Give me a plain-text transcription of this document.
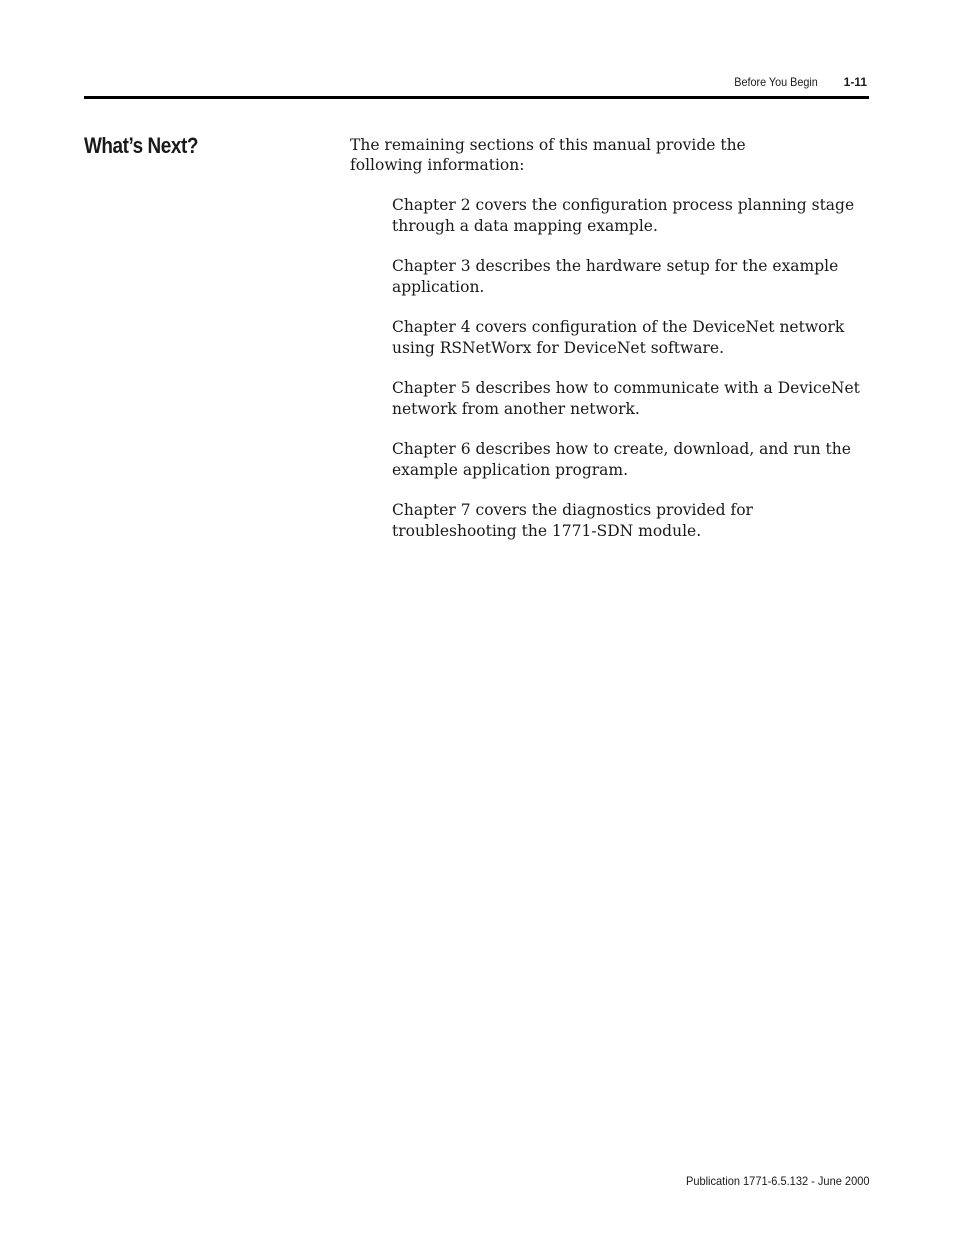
Before You Begin 1-11
What’s Next?	The remaining sections of this manual provide the following information:

Chapter 2 covers the configuration process planning stage through a data mapping example.
Chapter 3 describes the hardware setup for the example application.
Chapter 4 covers configuration of the DeviceNet network using RSNetWorx for DeviceNet software.
Chapter 5 describes how to communicate with a DeviceNet network from another network.
Chapter 6 describes how to create, download, and run the example application program.
Chapter 7 covers the diagnostics provided for troubleshooting the 1771-SDN module.
Publication 1771-6.5.132 - June 2000
